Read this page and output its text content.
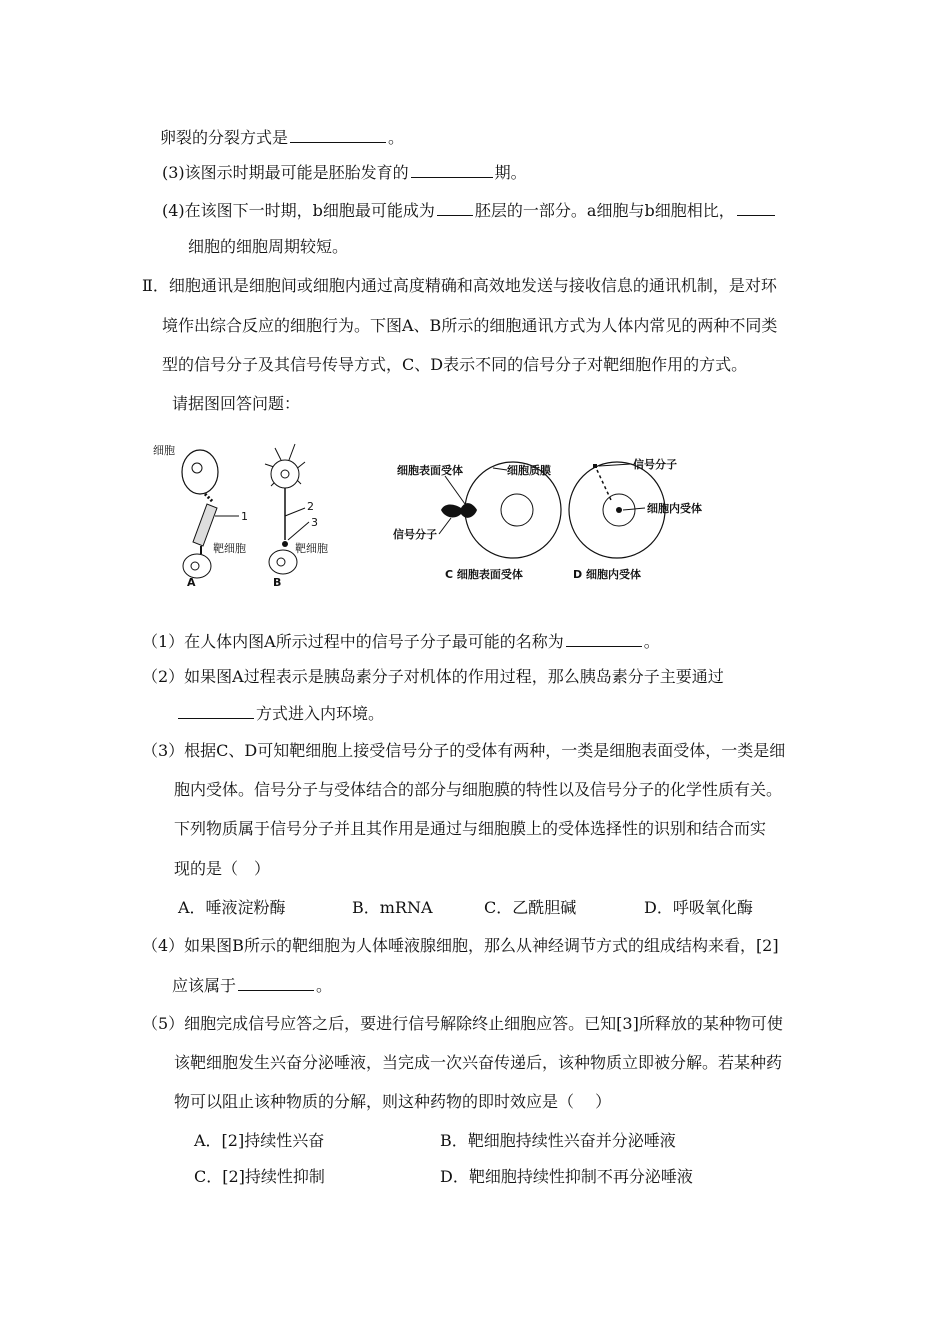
卵裂的分裂方式是	。
(3)该图示时期最可能是胚胎发育的	期。
(4)在该图下一时期，b细胞最可能成为	胚层的一部分。a细胞与b细胞相比，
细胞的细胞周期较短。
Ⅱ．细胞通讯是细胞间或细胞内通过高度精确和高效地发送与接收信息的通讯机制，是对环
境作出综合反应的细胞行为。下图A、B所示的细胞通讯方式为人体内常见的两种不同类
型的信号分子及其信号传导方式，C、D表示不同的信号分子对靶细胞作用的方式。
请据图回答问题：
细胞
1
靶细胞
A
2
3
靶细胞
B
细胞表面受体	细胞质膜
信号分子
C 细胞表面受体
信号分子
细胞内受体
D 细胞内受体
（1）在人体内图A所示过程中的信号子分子最可能的名称为	。
（2）如果图A过程表示是胰岛素分子对机体的作用过程，那么胰岛素分子主要通过
方式进入内环境。
（3）根据C、D可知靶细胞上接受信号分子的受体有两种，一类是细胞表面受体，一类是细
胞内受体。信号分子与受体结合的部分与细胞膜的特性以及信号分子的化学性质有关。
下列物质属于信号分子并且其作用是通过与细胞膜上的受体选择性的识别和结合而实
现的是（　）
A．唾液淀粉酶	B．mRNA	C．乙酰胆碱	D．呼吸氧化酶
（4）如果图B所示的靶细胞为人体唾液腺细胞，那么从神经调节方式的组成结构来看，[2]
应该属于	。
（5）细胞完成信号应答之后，要进行信号解除终止细胞应答。已知[3]所释放的某种物可使
该靶细胞发生兴奋分泌唾液，当完成一次兴奋传递后，该种物质立即被分解。若某种药
物可以阻止该种物质的分解，则这种药物的即时效应是（　 ）
A．[2]持续性兴奋	B．靶细胞持续性兴奋并分泌唾液
C．[2]持续性抑制	D．靶细胞持续性抑制不再分泌唾液
